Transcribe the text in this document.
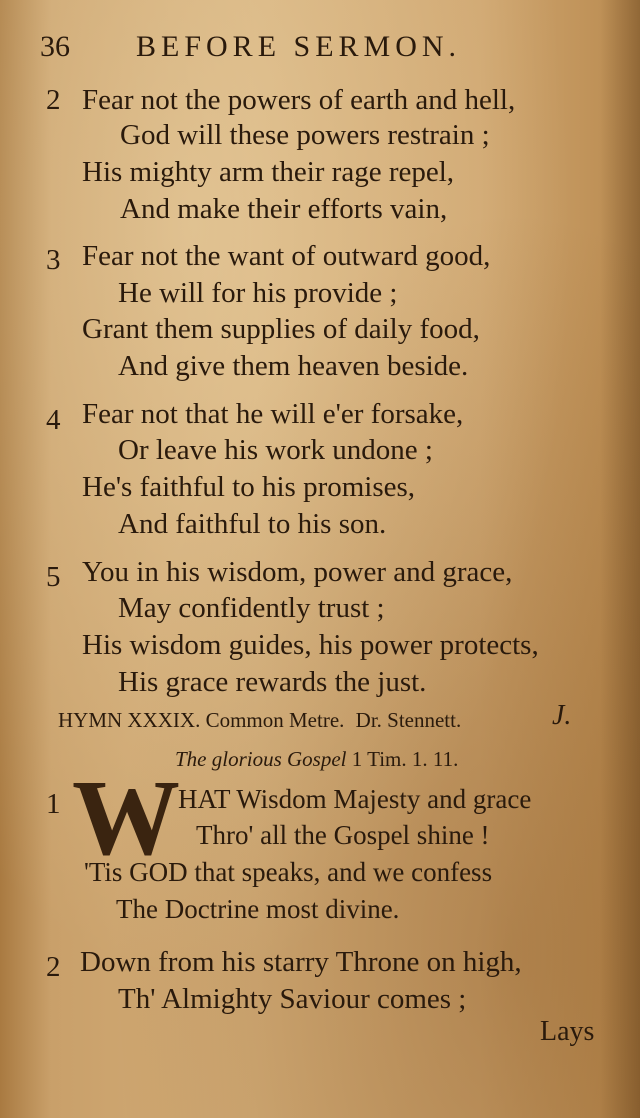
36 BEFORE SERMON.
2 Fear not the powers of earth and hell,
God will these powers restrain ;
His mighty arm their rage repel,
And make their efforts vain,
3 Fear not the want of outward good,
He will for his provide ;
Grant them supplies of daily food,
And give them heaven beside.
4 Fear not that he will e'er forsake,
Or leave his work undone ;
He's faithful to his promises,
And faithful to his son.
5 You in his wisdom, power and grace,
May confidently trust ;
His wisdom guides, his power protects,
His grace rewards the just.
HYMN XXXIX. Common Metre. Dr. Stennett.	J.
The glorious Gospel 1 Tim. 1. 11.
1 W
HAT Wisdom Majesty and grace
Thro' all the Gospel shine !
'Tis GOD that speaks, and we confess
The Doctrine most divine.
2 Down from his starry Throne on high,
Th' Almighty Saviour comes ;
Lays
